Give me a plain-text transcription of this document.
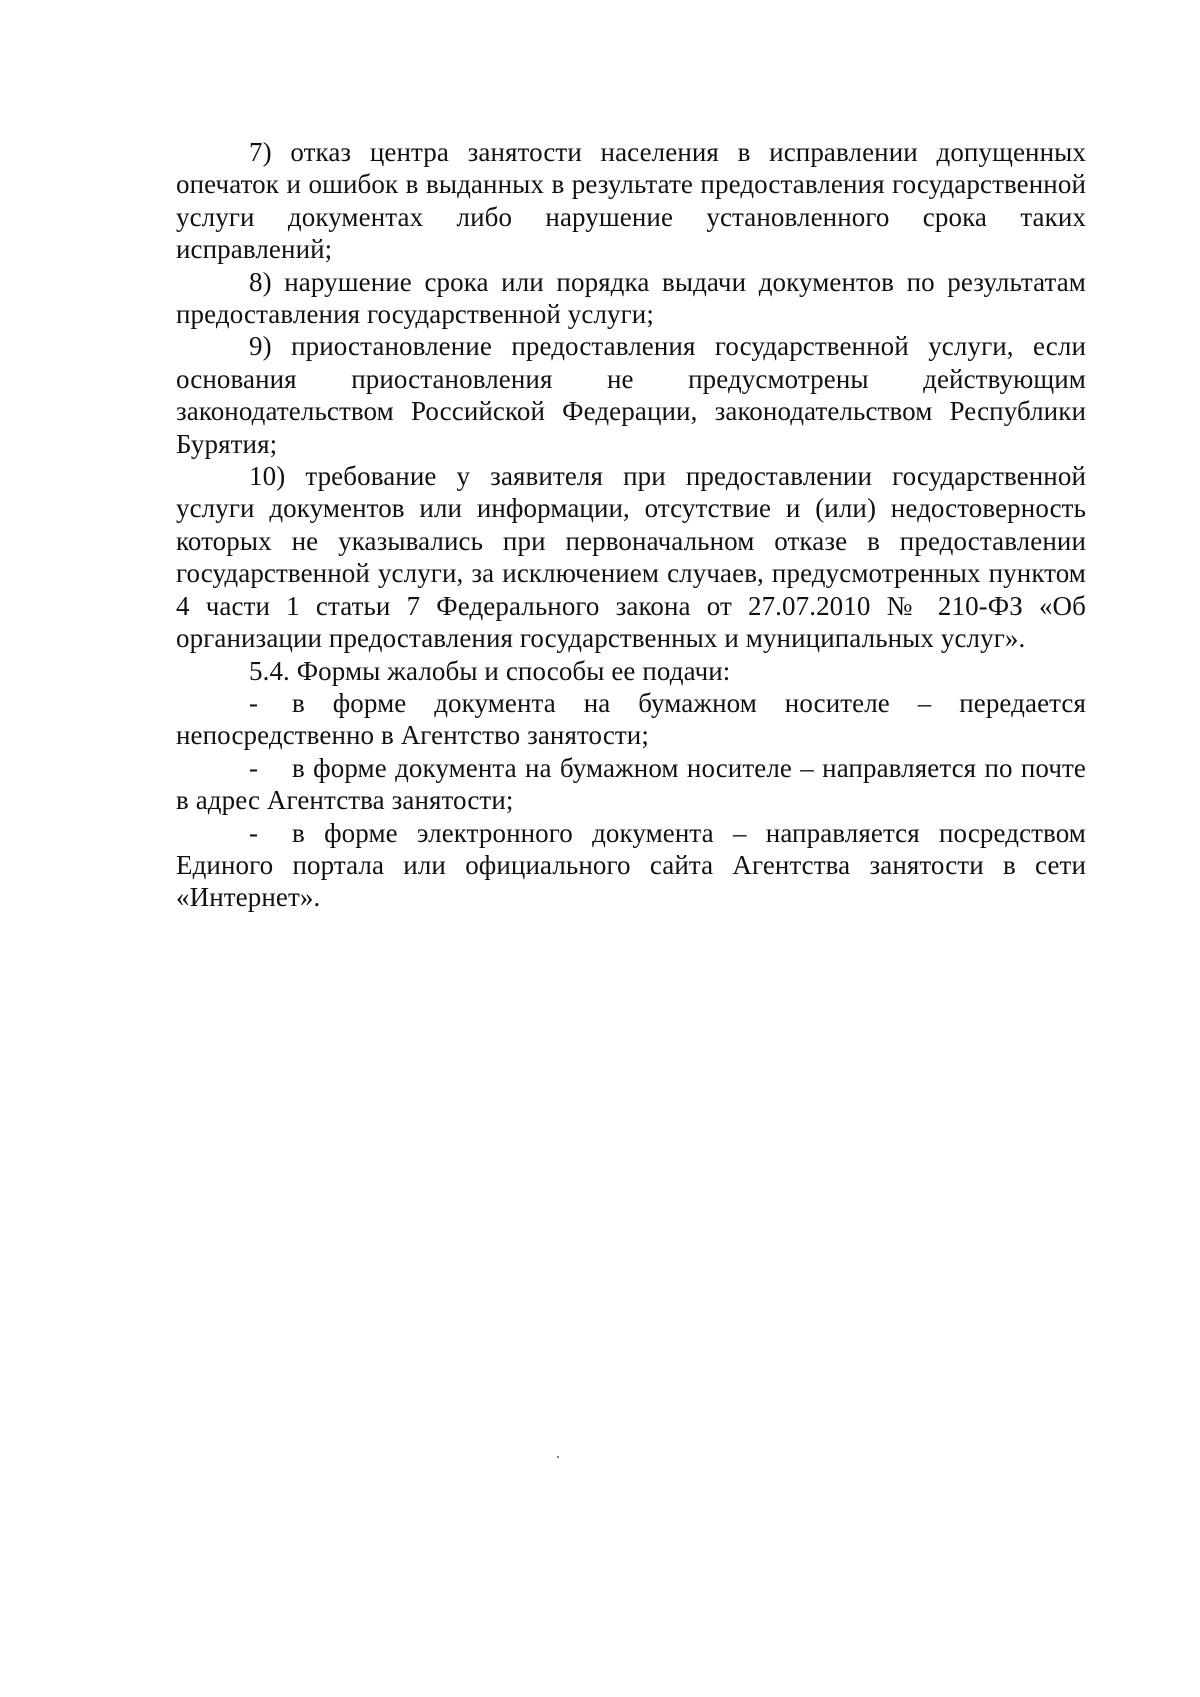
7) отказ центра занятости населения в исправлении допущенных опечаток и ошибок в выданных в результате предоставления государственной услуги документах либо нарушение установленного срока таких исправлений;

8) нарушение срока или порядка выдачи документов по результатам предоставления государственной услуги;

9) приостановление предоставления государственной услуги, если основания приостановления не предусмотрены действующим законодательством Российской Федерации, законодательством Республики Бурятия;

10) требование у заявителя при предоставлении государственной услуги документов или информации, отсутствие и (или) недостоверность которых не указывались при первоначальном отказе в предоставлении государственной услуги, за исключением случаев, предусмотренных пунктом 4 части 1 статьи 7 Федерального закона от 27.07.2010 № 210-ФЗ «Об организации предоставления государственных и муниципальных услуг».

5.4. Формы жалобы и способы ее подачи:

- в форме документа на бумажном носителе – передается непосредственно в Агентство занятости;

- в форме документа на бумажном носителе – направляется по почте в адрес Агентства занятости;

- в форме электронного документа – направляется посредством Единого портала или официального сайта Агентства занятости в сети «Интернет».
